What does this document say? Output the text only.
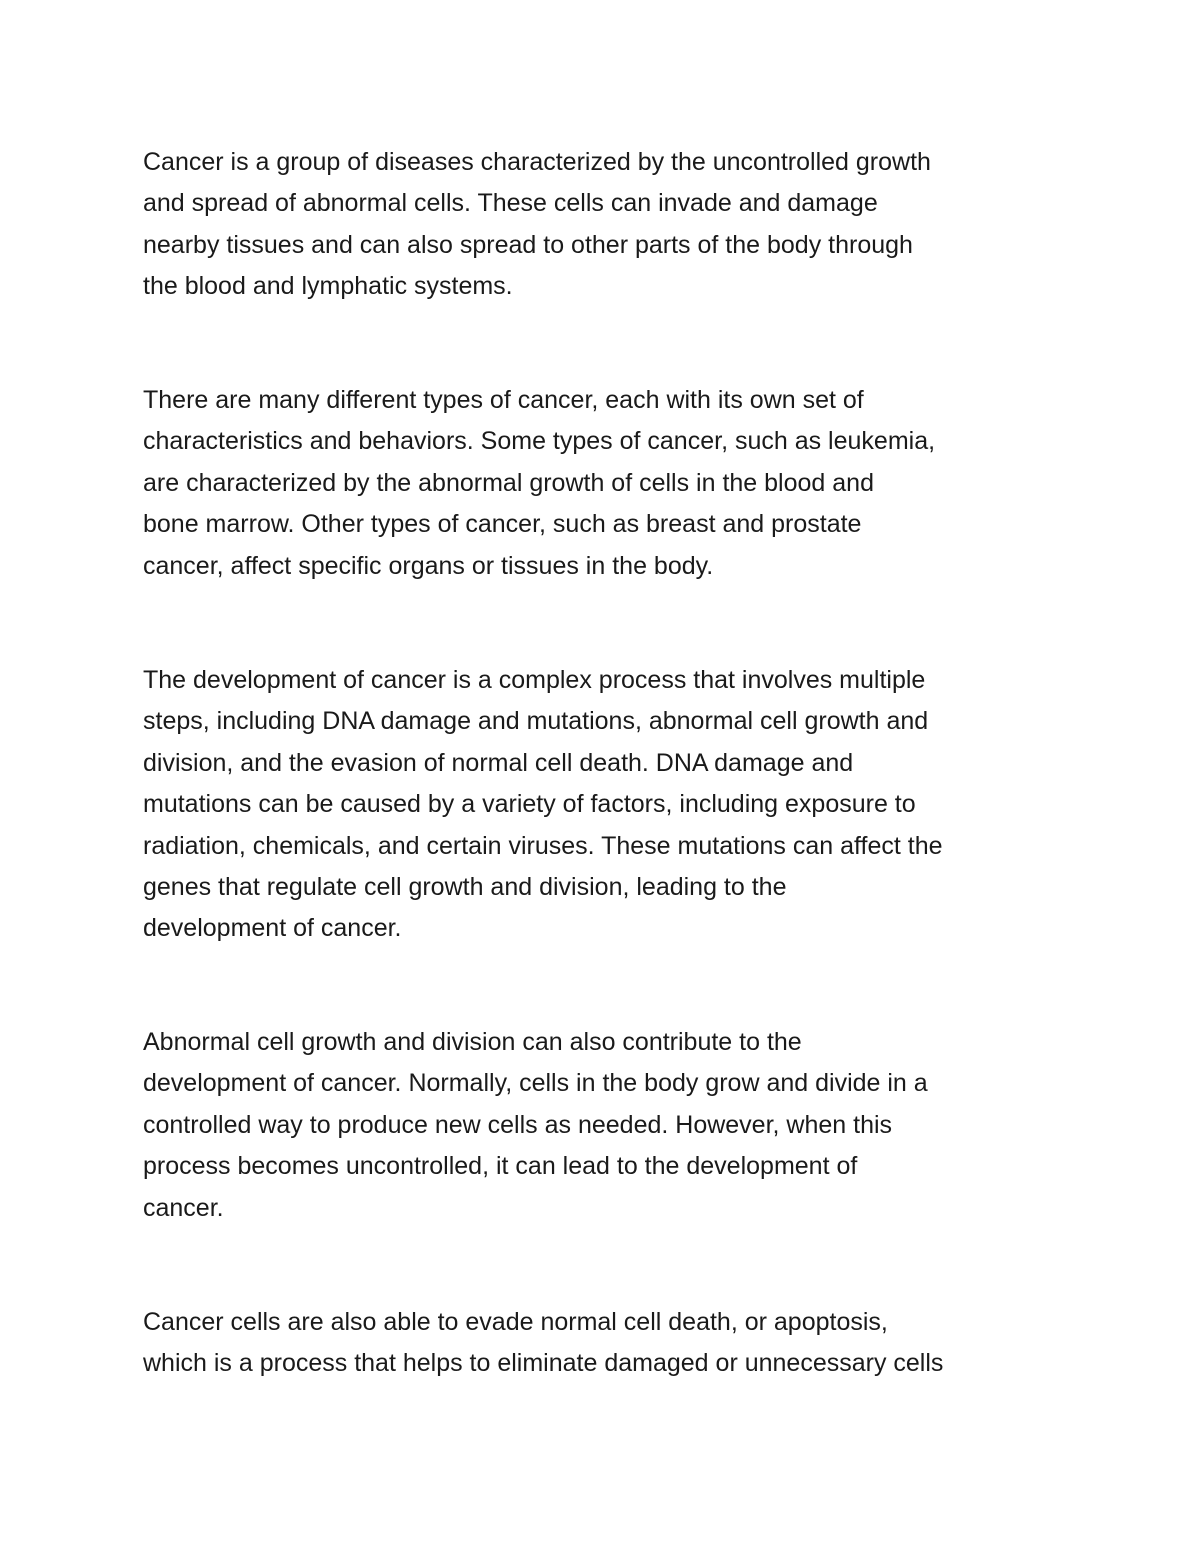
Cancer is a group of diseases characterized by the uncontrolled growth
and spread of abnormal cells. These cells can invade and damage
nearby tissues and can also spread to other parts of the body through
the blood and lymphatic systems.
There are many different types of cancer, each with its own set of
characteristics and behaviors. Some types of cancer, such as leukemia,
are characterized by the abnormal growth of cells in the blood and
bone marrow. Other types of cancer, such as breast and prostate
cancer, affect specific organs or tissues in the body.
The development of cancer is a complex process that involves multiple
steps, including DNA damage and mutations, abnormal cell growth and
division, and the evasion of normal cell death. DNA damage and
mutations can be caused by a variety of factors, including exposure to
radiation, chemicals, and certain viruses. These mutations can affect the
genes that regulate cell growth and division, leading to the
development of cancer.
Abnormal cell growth and division can also contribute to the
development of cancer. Normally, cells in the body grow and divide in a
controlled way to produce new cells as needed. However, when this
process becomes uncontrolled, it can lead to the development of
cancer.
Cancer cells are also able to evade normal cell death, or apoptosis,
which is a process that helps to eliminate damaged or unnecessary cells
